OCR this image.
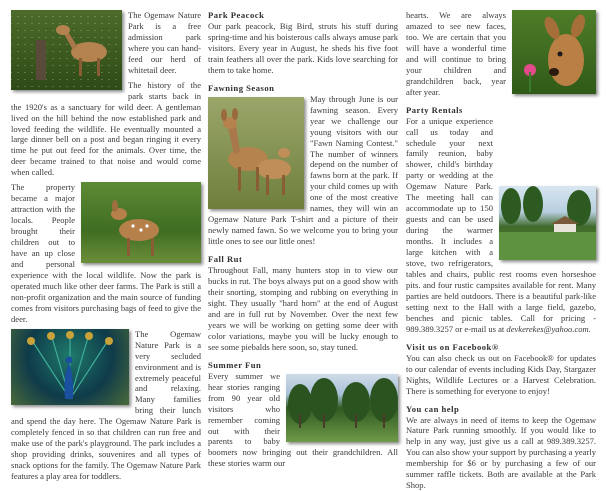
The Ogemaw Nature Park is a free admission park where you can hand-feed our herd of whitetail deer.

The history of the park starts back in the 1920's as a sanctuary for wild deer. A gentleman lived on the hill behind the now established park and loved feeding the wildlife. He eventually mounted a large dinner bell on a post and began ringing it every time he put out feed for the animals. Over time, the deer became trained to that noise and would come when called.

The property became a major attraction with the locals. People brought their children out to have an up close and personal experience with the local wildlife. Now the park is operated much like other deer farms. The Park is still a non-profit organization and the main source of funding comes from visitors purchasing bags of feed to give the deer.

The Ogemaw Nature Park is a very secluded environment and is extremely peaceful and relaxing. Many families bring their lunch and spend the day here. The Ogemaw Nature Park is completely fenced in so that children can run free and make use of the park's playground. The park includes a shop providing drinks, souvenires and all types of snack options for the family. The Ogemaw Nature Park features a play area for toddlers.

Park Peacock

Our park peacock, Big Bird, struts his stuff during spring-time and his boisterous calls always amuse park visitors. Every year in August, he sheds his five foot train feathers all over the park. Kids love searching for them to take home.

Fawning Season

May through June is our fawning season. Every year we challenge our young visitors with our "Fawn Naming Contest." The number of winners depend on the number of fawns born at the park. If your child comes up with one of the most creative names, they will win an Ogemaw Nature Park T-shirt and a picture of their newly named fawn. So we welcome you to bring your little ones to see our little ones!

Fall Rut

Throughout Fall, many hunters stop in to view our bucks in rut. The boys always put on a good show with their snorting, stomping and rubbing on everything in sight. They usually "hard horn" at the end of August and are in full rut by November. Over the next few years we will be working on getting some deer with color variations, maybe you will be lucky enough to see some piebalds here soon, so, stay tuned.

Summer Fun

Every summer we hear stories ranging from 90 year old visitors who remember coming out with their parents to baby boomers now bringing out their grandchildren. All these stories warm our

hearts. We are always amazed to see new faces, too. We are certain that you will have a wonderful time and will continue to bring your children and grandchildren back, year after year.

Party Rentals

For a unique experience call us today and schedule your next family reunion, baby shower, child's birthday party or wedding at the Ogemaw Nature Park. The meeting hall can accommodate up to 150 guests and can be used during the warmer months. It includes a large kitchen with a stove, two refrigerators, tables and chairs, public rest rooms even horseshoe pits. and four rustic campsites available for rent. Many parties are held outdoors. There is a beautiful park-like setting next to the Hall with a large field, gazebo, benches and picnic tables. Call for pricing - 989.389.3257 or e-mail us at devkerekes@yahoo.com.

Visit us on Facebook®

You can also check us out on Facebook® for updates to our calendar of events including Kids Day, Stargazer Nights, Wildlife Lectures or a Harvest Celebration. There is something for everyone to enjoy!

You can help

We are always in need of items to keep the Ogemaw Nature Park running smoothly. If you would like to help in any way, just give us a call at 989.389.3257. You can also show your support by purchasing a yearly membership for $6 or by purchasing a few of our summer raffle tickets. Both are available at the Park Shop.
